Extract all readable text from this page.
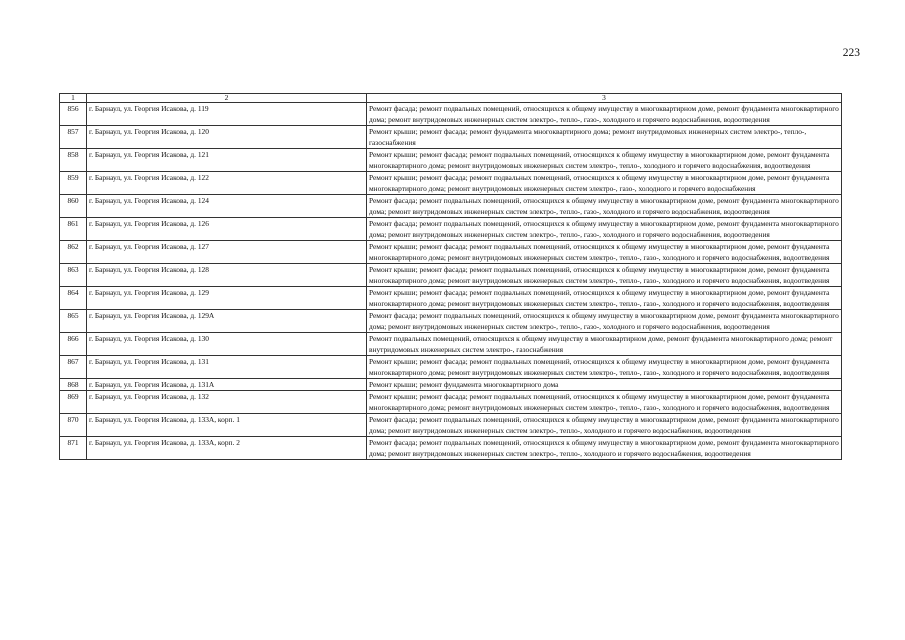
223
1	2	3
856	г. Барнаул, ул. Георгия Исакова, д. 119	Ремонт фасада; ремонт подвальных помещений, относящихся к общему имуществу в многоквартирном доме, ремонт фундамента многоквартирного дома; ремонт внутридомовых инженерных систем электро-, тепло-, газо-, холодного и горячего водоснабжения, водоотведения
857	г. Барнаул, ул. Георгия Исакова, д. 120	Ремонт крыши; ремонт фасада; ремонт фундамента многоквартирного дома; ремонт внутридомовых инженерных систем электро-, тепло-, газоснабжения
858	г. Барнаул, ул. Георгия Исакова, д. 121	Ремонт крыши; ремонт фасада; ремонт подвальных помещений, относящихся к общему имуществу в многоквартирном доме, ремонт фундамента многоквартирного дома; ремонт внутридомовых инженерных систем электро-, тепло-, холодного и горячего водоснабжения, водоотведения
859	г. Барнаул, ул. Георгия Исакова, д. 122	Ремонт крыши; ремонт фасада; ремонт подвальных помещений, относящихся к общему имуществу в многоквартирном доме, ремонт фундамента многоквартирного дома; ремонт внутридомовых инженерных систем электро-, газо-, холодного и горячего водоснабжения
860	г. Барнаул, ул. Георгия Исакова, д. 124	Ремонт фасада; ремонт подвальных помещений, относящихся к общему имуществу в многоквартирном доме, ремонт фундамента многоквартирного дома; ремонт внутридомовых инженерных систем электро-, тепло-, газо-, холодного и горячего водоснабжения, водоотведения
861	г. Барнаул, ул. Георгия Исакова, д. 126	Ремонт фасада; ремонт подвальных помещений, относящихся к общему имуществу в многоквартирном доме, ремонт фундамента многоквартирного дома; ремонт внутридомовых инженерных систем электро-, тепло-, газо-, холодного и горячего водоснабжения, водоотведения
862	г. Барнаул, ул. Георгия Исакова, д. 127	Ремонт крыши; ремонт фасада; ремонт подвальных помещений, относящихся к общему имуществу в многоквартирном доме, ремонт фундамента многоквартирного дома; ремонт внутридомовых инженерных систем электро-, тепло-, газо-, холодного и горячего водоснабжения, водоотведения
863	г. Барнаул, ул. Георгия Исакова, д. 128	Ремонт крыши; ремонт фасада; ремонт подвальных помещений, относящихся к общему имуществу в многоквартирном доме, ремонт фундамента многоквартирного дома; ремонт внутридомовых инженерных систем электро-, тепло-, газо-, холодного и горячего водоснабжения, водоотведения
864	г. Барнаул, ул. Георгия Исакова, д. 129	Ремонт крыши; ремонт фасада; ремонт подвальных помещений, относящихся к общему имуществу в многоквартирном доме, ремонт фундамента многоквартирного дома; ремонт внутридомовых инженерных систем электро-, тепло-, газо-, холодного и горячего водоснабжения, водоотведения
865	г. Барнаул, ул. Георгия Исакова, д. 129А	Ремонт фасада; ремонт подвальных помещений, относящихся к общему имуществу в многоквартирном доме, ремонт фундамента многоквартирного дома; ремонт внутридомовых инженерных систем электро-, тепло-, газо-, холодного и горячего водоснабжения, водоотведения
866	г. Барнаул, ул. Георгия Исакова, д. 130	Ремонт подвальных помещений, относящихся к общему имуществу в многоквартирном доме, ремонт фундамента многоквартирного дома; ремонт внутридомовых инженерных систем электро-, газоснабжения
867	г. Барнаул, ул. Георгия Исакова, д. 131	Ремонт крыши; ремонт фасада; ремонт подвальных помещений, относящихся к общему имуществу в многоквартирном доме, ремонт фундамента многоквартирного дома; ремонт внутридомовых инженерных систем электро-, тепло-, газо-, холодного и горячего водоснабжения, водоотведения
868	г. Барнаул, ул. Георгия Исакова, д. 131А	Ремонт крыши; ремонт фундамента многоквартирного дома
869	г. Барнаул, ул. Георгия Исакова, д. 132	Ремонт крыши; ремонт фасада; ремонт подвальных помещений, относящихся к общему имуществу в многоквартирном доме, ремонт фундамента многоквартирного дома; ремонт внутридомовых инженерных систем электро-, тепло-, газо-, холодного и горячего водоснабжения, водоотведения
870	г. Барнаул, ул. Георгия Исакова, д. 133А, корп. 1	Ремонт фасада; ремонт подвальных помещений, относящихся к общему имуществу в многоквартирном доме, ремонт фундамента многоквартирного дома; ремонт внутридомовых инженерных систем электро-, тепло-, холодного и горячего водоснабжения, водоотведения
871	г. Барнаул, ул. Георгия Исакова, д. 133А, корп. 2	Ремонт фасада; ремонт подвальных помещений, относящихся к общему имуществу в многоквартирном доме, ремонт фундамента многоквартирного дома; ремонт внутридомовых инженерных систем электро-, тепло-, холодного и горячего водоснабжения, водоотведения
